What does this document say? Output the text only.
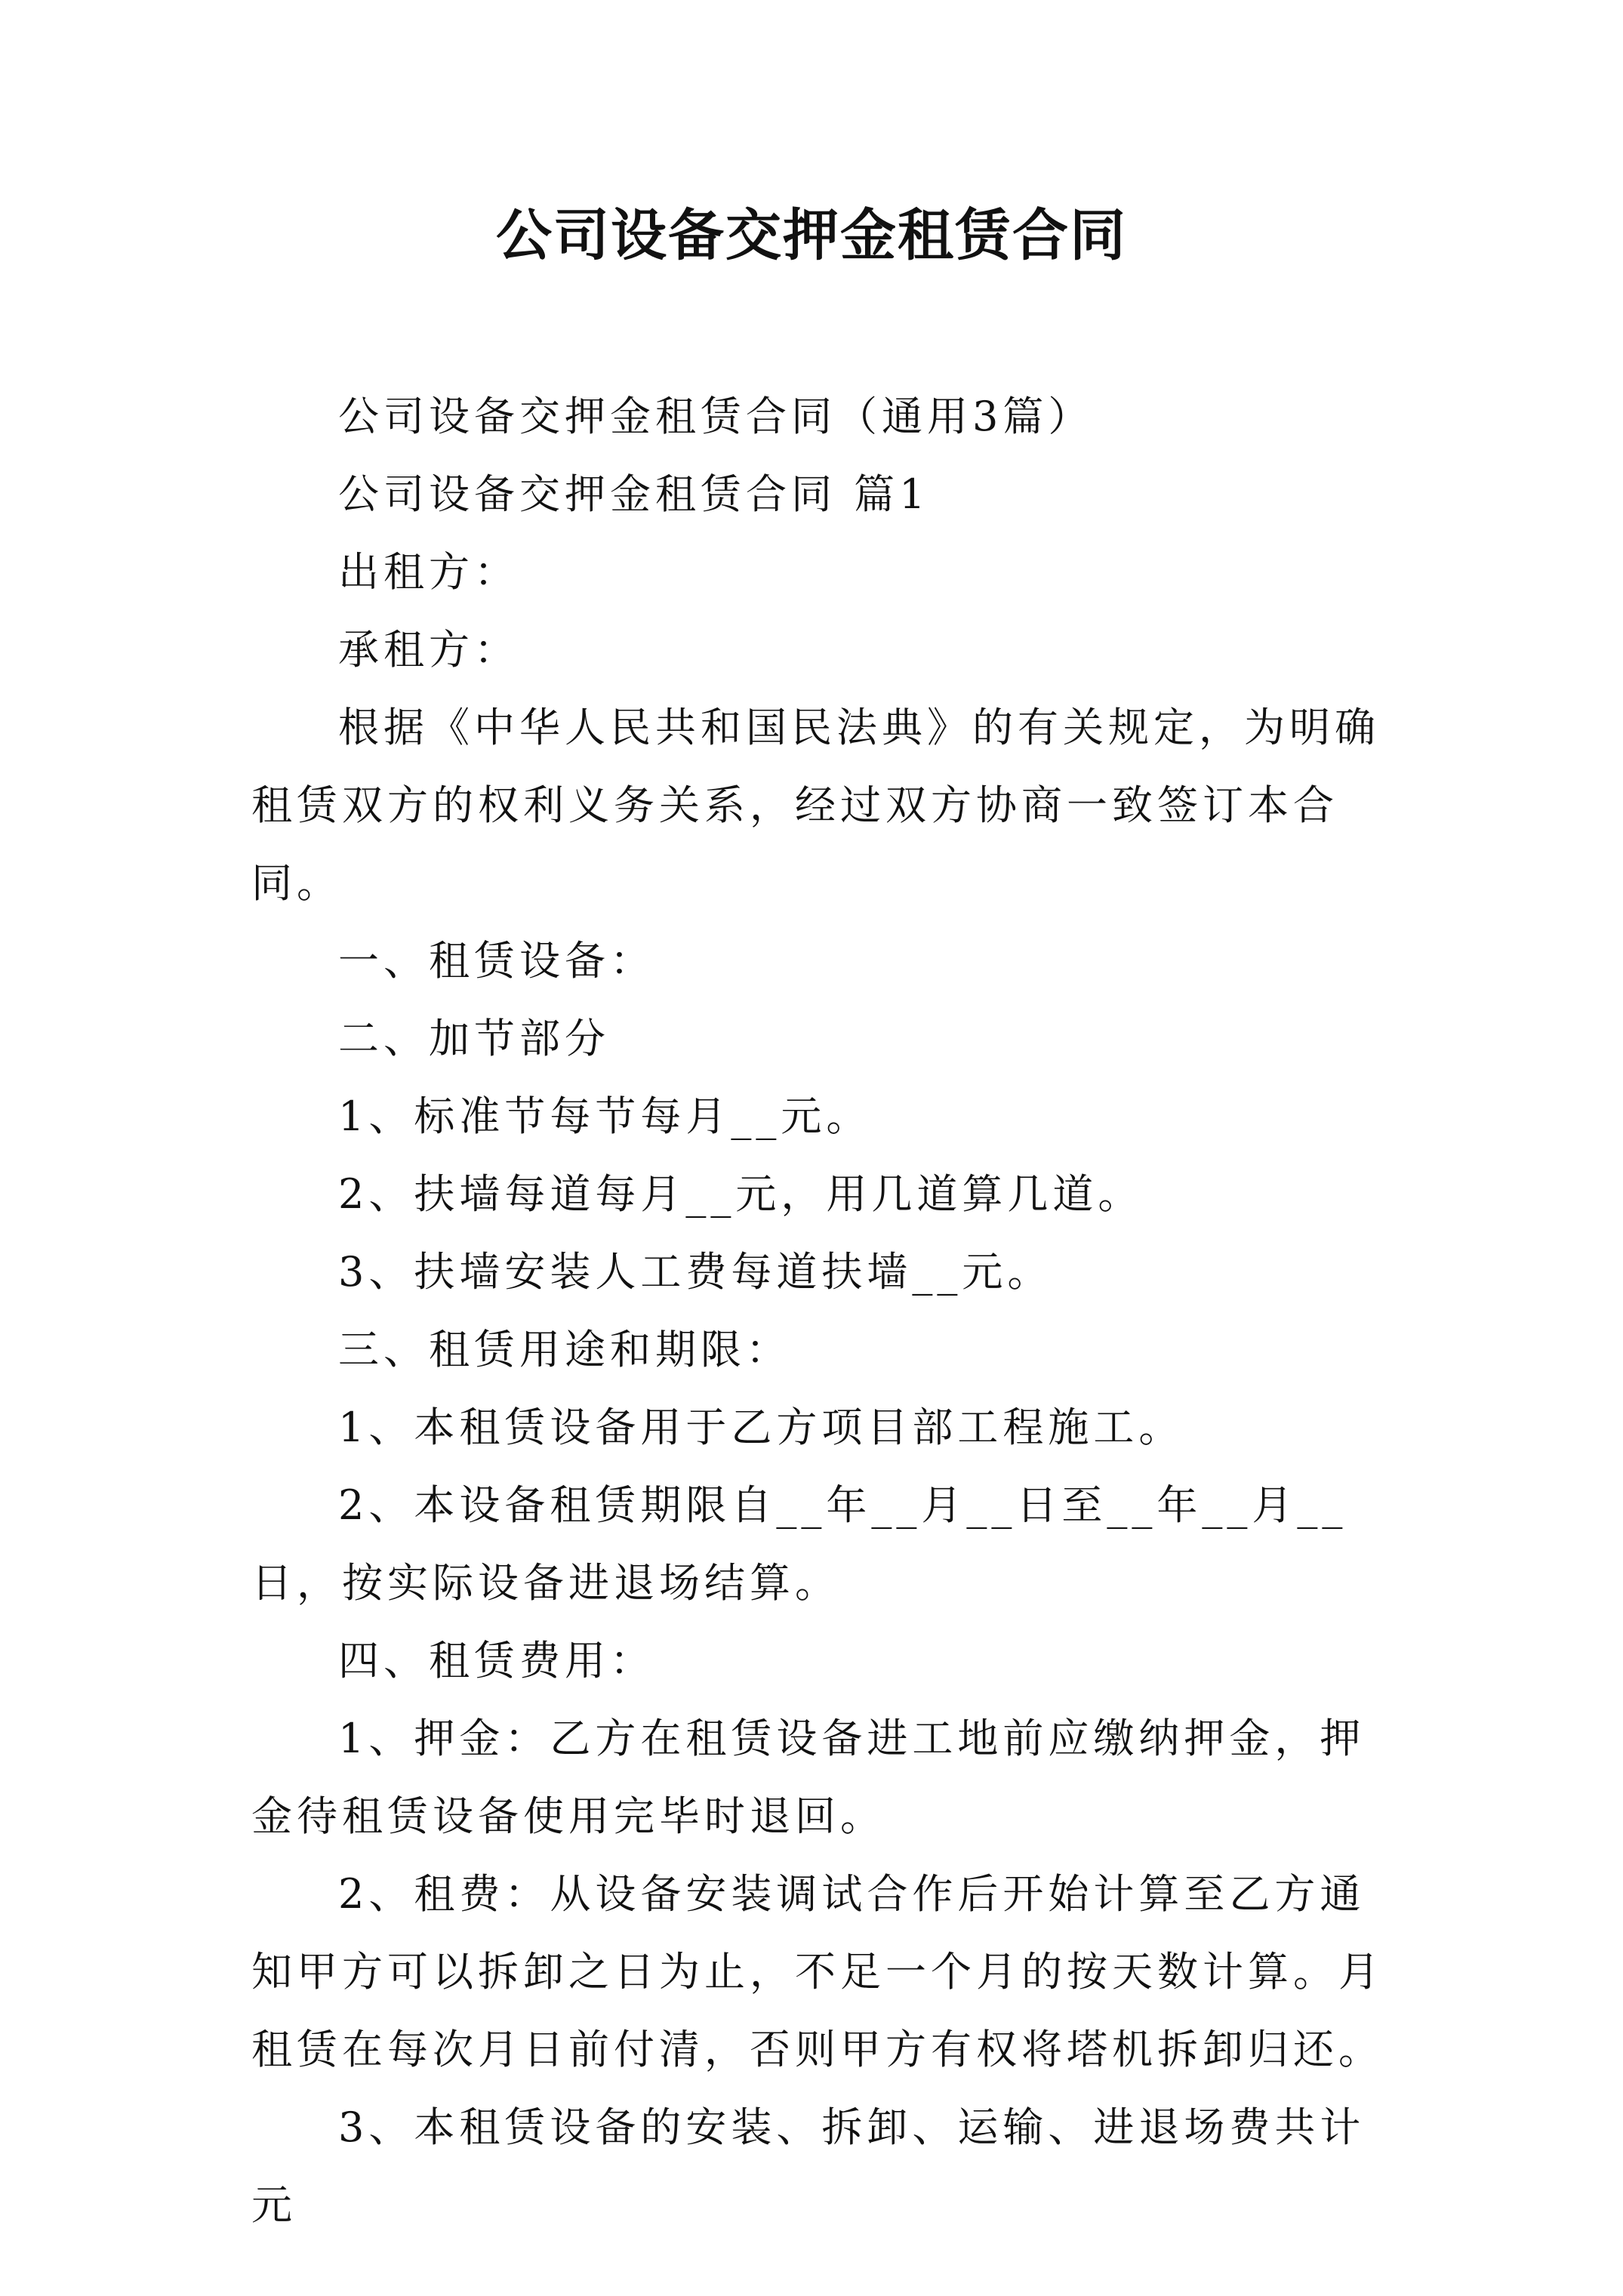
公司设备交押金租赁合同

公司设备交押金租赁合同（通用3篇）

公司设备交押金租赁合同 篇1

出租方：

承租方：

根据《中华人民共和国民法典》的有关规定，为明确租赁双方的权利义务关系，经过双方协商一致签订本合同。

一、租赁设备：

二、加节部分

1、标准节每节每月__元。

2、扶墙每道每月__元，用几道算几道。

3、扶墙安装人工费每道扶墙__元。

三、租赁用途和期限：

1、本租赁设备用于乙方项目部工程施工。

2、本设备租赁期限自__年__月__日至__年__月__日，按实际设备进退场结算。

四、租赁费用：

1、押金：乙方在租赁设备进工地前应缴纳押金，押金待租赁设备使用完毕时退回。

2、租费：从设备安装调试合作后开始计算至乙方通知甲方可以拆卸之日为止，不足一个月的按天数计算。月租赁在每次月日前付清，否则甲方有权将塔机拆卸归还。

3、本租赁设备的安装、拆卸、运输、进退场费共计元
